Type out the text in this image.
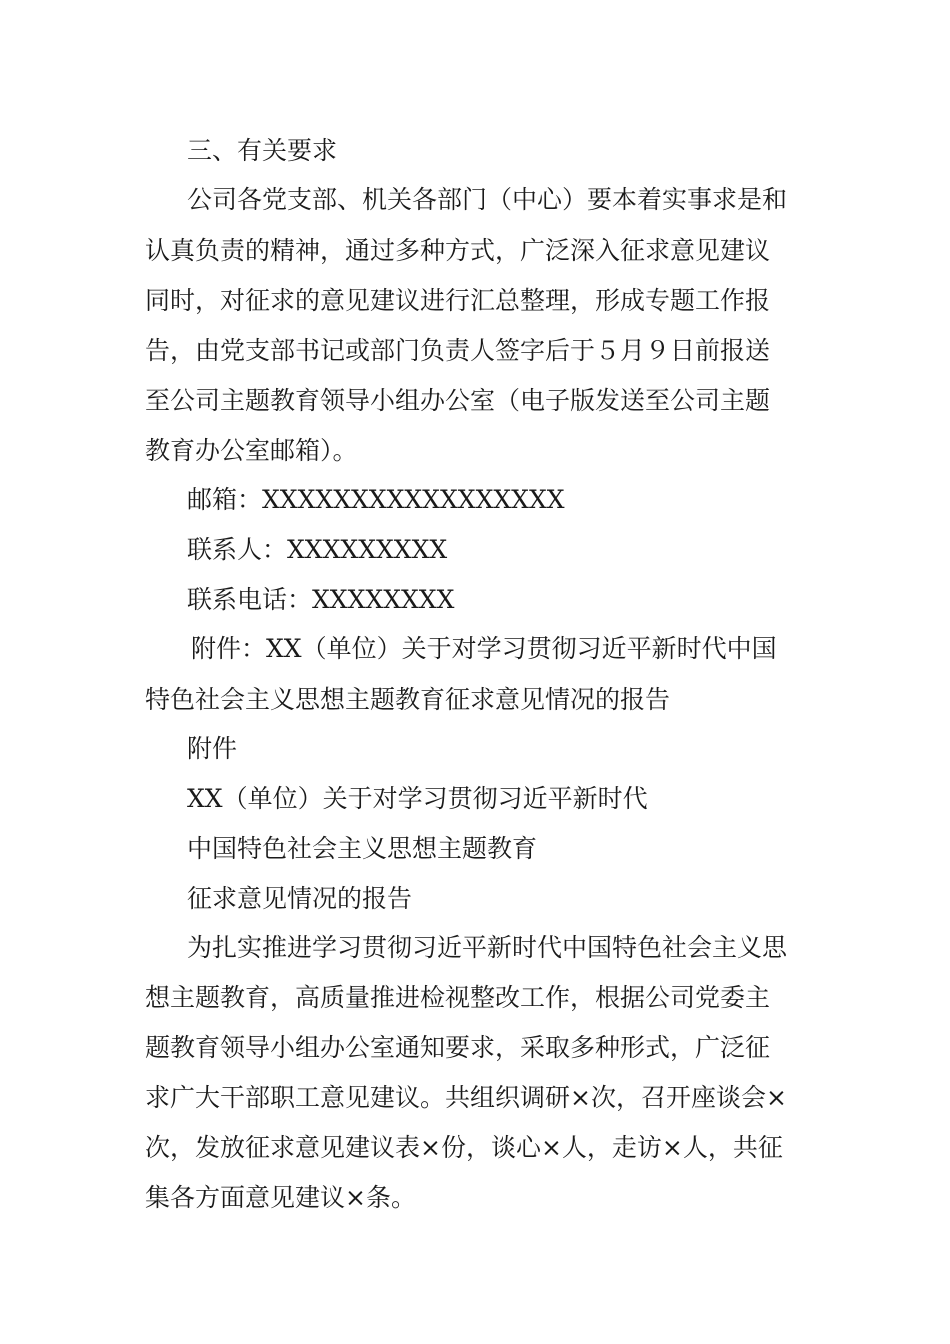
三、有关要求
公司各党支部、机关各部门（中心）要本着实事求是和
认真负责的精神，通过多种方式，广泛深入征求意见建议
同时，对征求的意见建议进行汇总整理，形成专题工作报
告，由党支部书记或部门负责人签字后于５月９日前报送
至公司主题教育领导小组办公室（电子版发送至公司主题
教育办公室邮箱）。
邮箱：XXXXXXXXXXXXXXXXX
联系人：XXXXXXXXX
联系电话：XXXXXXXX
附件：XX（单位）关于对学习贯彻习近平新时代中国
特色社会主义思想主题教育征求意见情况的报告
附件
XX（单位）关于对学习贯彻习近平新时代
中国特色社会主义思想主题教育
征求意见情况的报告
为扎实推进学习贯彻习近平新时代中国特色社会主义思
想主题教育，高质量推进检视整改工作，根据公司党委主
题教育领导小组办公室通知要求，采取多种形式，广泛征
求广大干部职工意见建议。共组织调研×次，召开座谈会×
次，发放征求意见建议表×份，谈心×人，走访×人，共征
集各方面意见建议×条。
